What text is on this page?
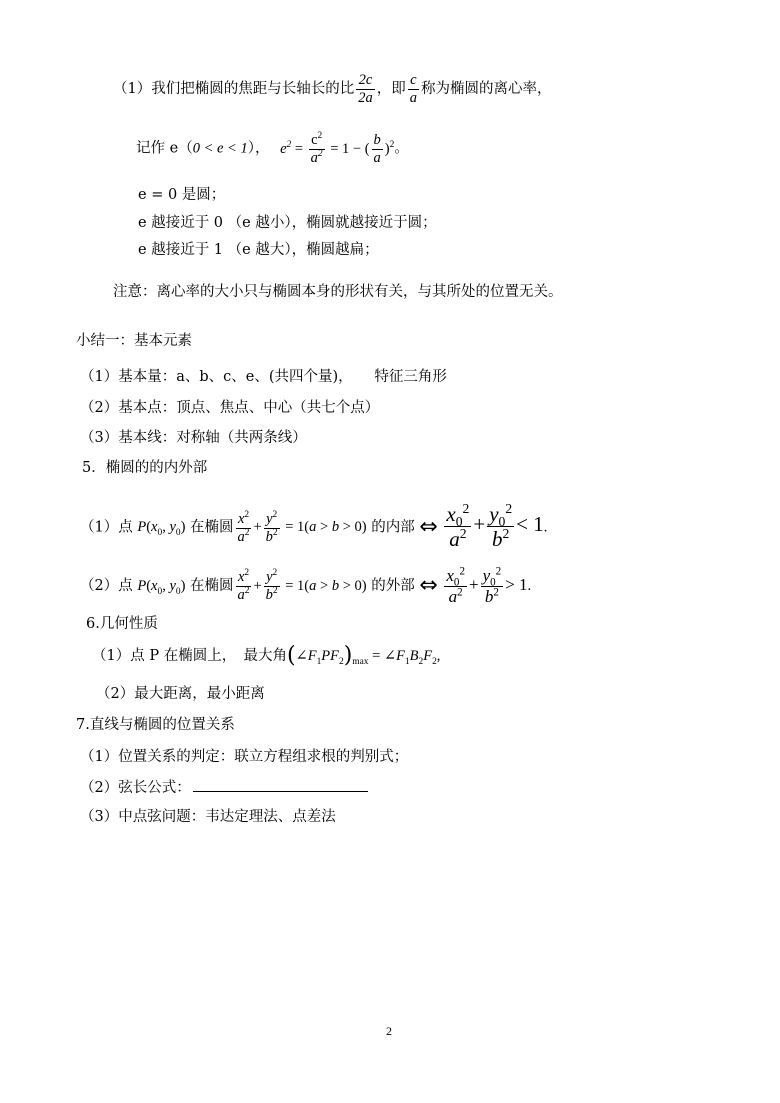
（1）我们把椭圆的焦距与长轴长的比 $\frac{2c}{2a}$ ，即 $\frac{c}{a}$ 称为椭圆的离心率，
记作 e（0 < e < 1）， $e^2 = \frac{c^2}{a^2} = 1$ − ( $\frac{b}{a} )^2$。
e = 0 是圆；
e 越接近于 0 （e 越小），椭圆就越接近于圆；
e 越接近于 1 （e 越大），椭圆越扁；
注意：离心率的大小只与椭圆本身的形状有关，与其所处的位置无关。
小结一：基本元素
（1）基本量：a、b、c、e、(共四个量)，　　特征三角形
（2）基本点：顶点、焦点、中心（共七个点）
（3）基本线：对称轴（共两条线）
5．椭圆的的内外部
（1）点 $P(x_0$, $y_0$) 在椭圆 $\frac{x^2}{a^2} + \frac{y^2}{b^2} = 1(a > b > 0)$ 的内部 ⇔ $\frac{x_0^2}{a^2} + \frac{y_0^2}{b^2} < 1$.
（2）点 $P(x_0$, $y_0$) 在椭圆 $\frac{x^2}{a^2} + \frac{y^2}{b^2} = 1(a > b > 0)$ 的外部 ⇔ $\frac{x_0^2}{a^2} + \frac{y_0^2}{b^2} > 1$.
6.几何性质
（1）点 P 在椭圆上，　最大角$(\angle F_1PF_2)_{max}$ = $\angle F_1B_2F_2$,
（2）最大距离，最小距离
7.直线与椭圆的位置关系
（1）位置关系的判定：联立方程组求根的判别式；
（2）弦长公式：
（3）中点弦问题：韦达定理法、点差法
2
